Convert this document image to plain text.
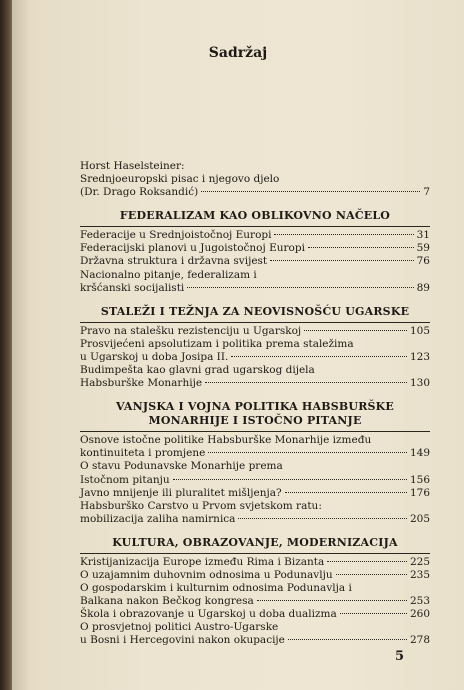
Sadržaj
Horst Haselsteiner:
Srednjoeuropski pisac i njegovo djelo
(Dr. Drago Roksandić)	7
FEDERALIZAM KAO OBLIKOVNO NAČELO
Federacije u Srednjoistočnoj Europi	31
Federacijski planovi u Jugoistočnoj Europi	59
Državna struktura i državna svijest	76
Nacionalno pitanje, federalizam i
kršćanski socijalisti	89
STALEŽI I TEŽNJA ZA NEOVISNOŠĆU UGARSKE
Pravo na stalešku rezistenciju u Ugarskoj	105
Prosvijećeni apsolutizam i politika prema staležima
u Ugarskoj u doba Josipa II.	123
Budimpešta kao glavni grad ugarskog dijela
Habsburške Monarhije	130
VANJSKA I VOJNA POLITIKA HABSBURŠKE
MONARHIJE I ISTOČNO PITANJE
Osnove istočne politike Habsburške Monarhije između
kontinuiteta i promjene	149
O stavu Podunavske Monarhije prema
Istočnom pitanju	156
Javno mnijenje ili pluralitet mišljenja?	176
Habsburško Carstvo u Prvom svjetskom ratu:
mobilizacija zaliha namirnica	205
KULTURA, OBRAZOVANJE, MODERNIZACIJA
Kristijanizacija Europe između Rima i Bizanta	225
O uzajamnim duhovnim odnosima u Podunavlju	235
O gospodarskim i kulturnim odnosima Podunavlja i
Balkana nakon Bečkog kongresa	253
Škola i obrazovanje u Ugarskoj u doba dualizma	260
O prosvjetnoj politici Austro-Ugarske
u Bosni i Hercegovini nakon okupacije	278
5
